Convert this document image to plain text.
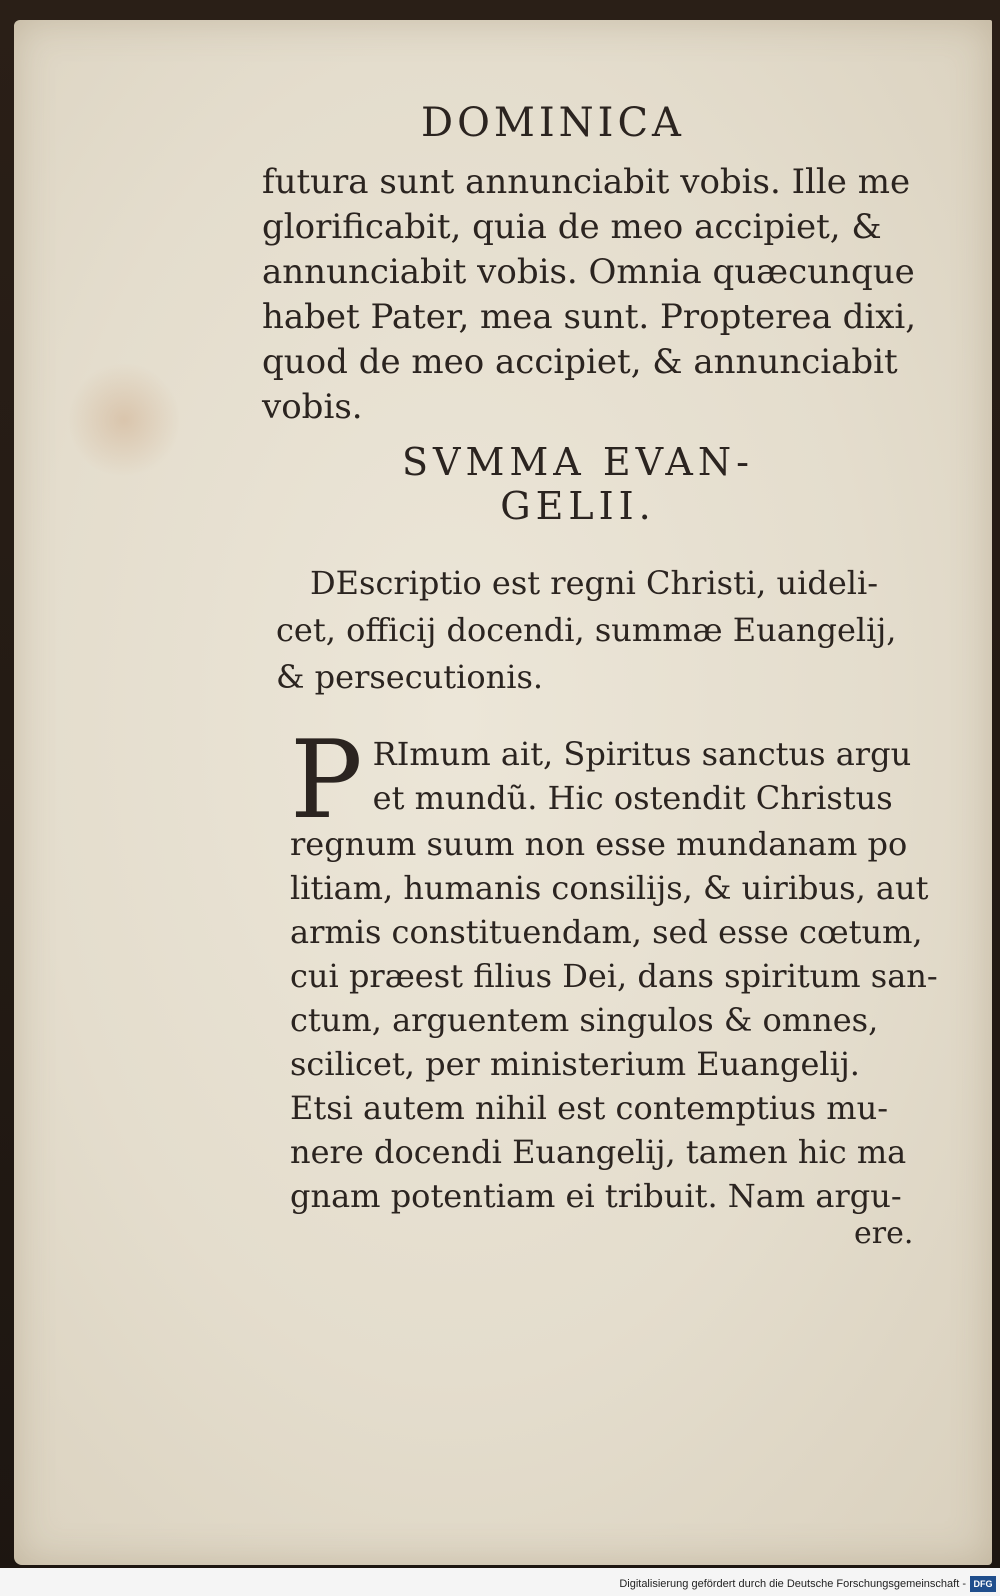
DOMINICA
futura sunt annunciabit vobis. Ille me
glorificabit, quia de meo accipiet, &
annunciabit vobis. Omnia quæcunque
habet Pater, mea sunt. Propterea dixi,
quod de meo accipiet, & annunciabit
vobis.
SVMMA EVAN-
GELII.
DEscriptio est regni Christi, uideli-
cet, officij docendi, summæ Euangelij,
& persecutionis.
P RImum ait, Spiritus sanctus argu
et mundũ. Hic ostendit Christus
regnum suum non esse mundanam po
litiam, humanis consilijs, & uiribus, aut
armis constituendam, sed esse cœtum,
cui præest filius Dei, dans spiritum san-
ctum, arguentem singulos & omnes,
scilicet, per ministerium Euangelij.
Etsi autem nihil est contemptius mu-
nere docendi Euangelij, tamen hic ma
gnam potentiam ei tribuit. Nam argu-
ere.
Digitalisierung gefördert durch die Deutsche Forschungsgemeinschaft - DFG
